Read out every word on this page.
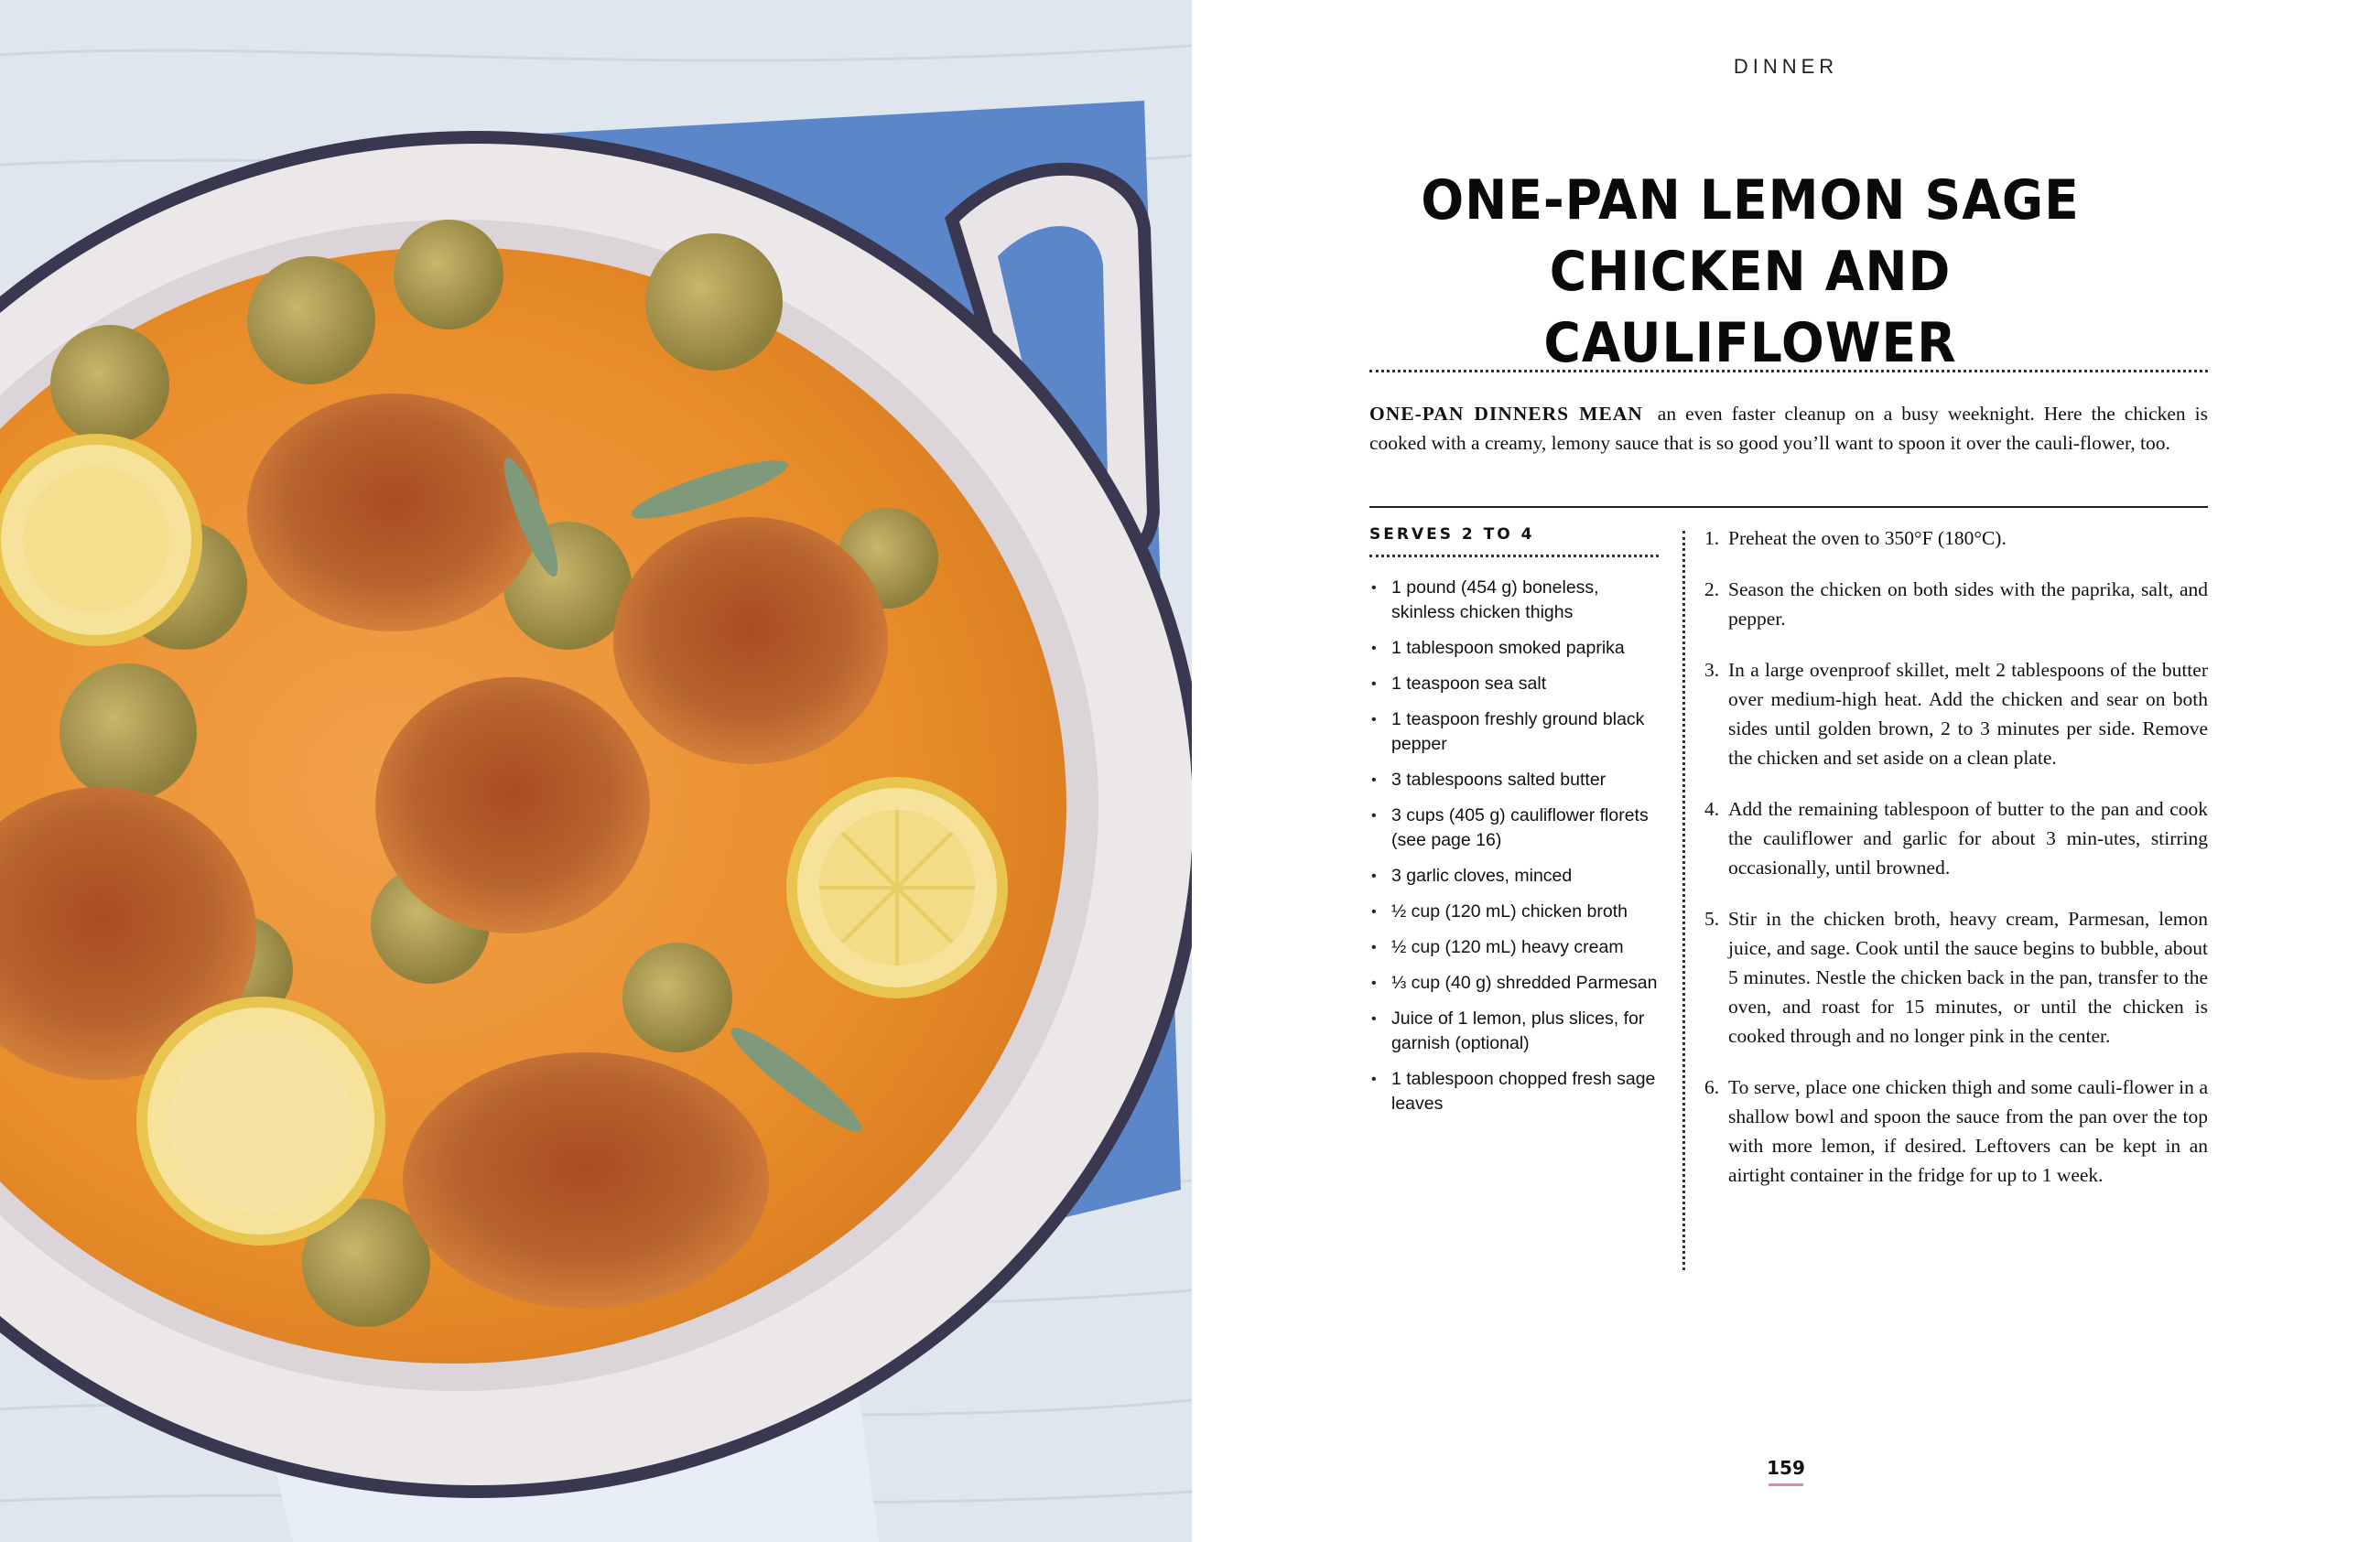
DINNER
ONE-PAN LEMON SAGE
CHICKEN AND CAULIFLOWER

ONE-PAN DINNERS MEAN an even faster cleanup on a busy weeknight. Here the chicken is cooked with a creamy, lemony sauce that is so good you’ll want to spoon it over the cauli-flower, too.

SERVES 2 TO 4
• 1 pound (454 g) boneless, skinless chicken thighs
• 1 tablespoon smoked paprika
• 1 teaspoon sea salt
• 1 teaspoon freshly ground black pepper
• 3 tablespoons salted butter
• 3 cups (405 g) cauliflower florets (see page 16)
• 3 garlic cloves, minced
• ½ cup (120 mL) chicken broth
• ½ cup (120 mL) heavy cream
• ⅓ cup (40 g) shredded Parmesan
• Juice of 1 lemon, plus slices, for garnish (optional)
• 1 tablespoon chopped fresh sage leaves
1. Preheat the oven to 350°F (180°C).
2. Season the chicken on both sides with the paprika, salt, and pepper.
3. In a large ovenproof skillet, melt 2 tablespoons of the butter over medium-high heat. Add the chicken and sear on both sides until golden brown, 2 to 3 minutes per side. Remove the chicken and set aside on a clean plate.
4. Add the remaining tablespoon of butter to the pan and cook the cauliflower and garlic for about 3 min-utes, stirring occasionally, until browned.
5. Stir in the chicken broth, heavy cream, Parmesan, lemon juice, and sage. Cook until the sauce begins to bubble, about 5 minutes. Nestle the chicken back in the pan, transfer to the oven, and roast for 15 minutes, or until the chicken is cooked through and no longer pink in the center.
6. To serve, place one chicken thigh and some cauli-flower in a shallow bowl and spoon the sauce from the pan over the top with more lemon, if desired. Leftovers can be kept in an airtight container in the fridge for up to 1 week.
159
